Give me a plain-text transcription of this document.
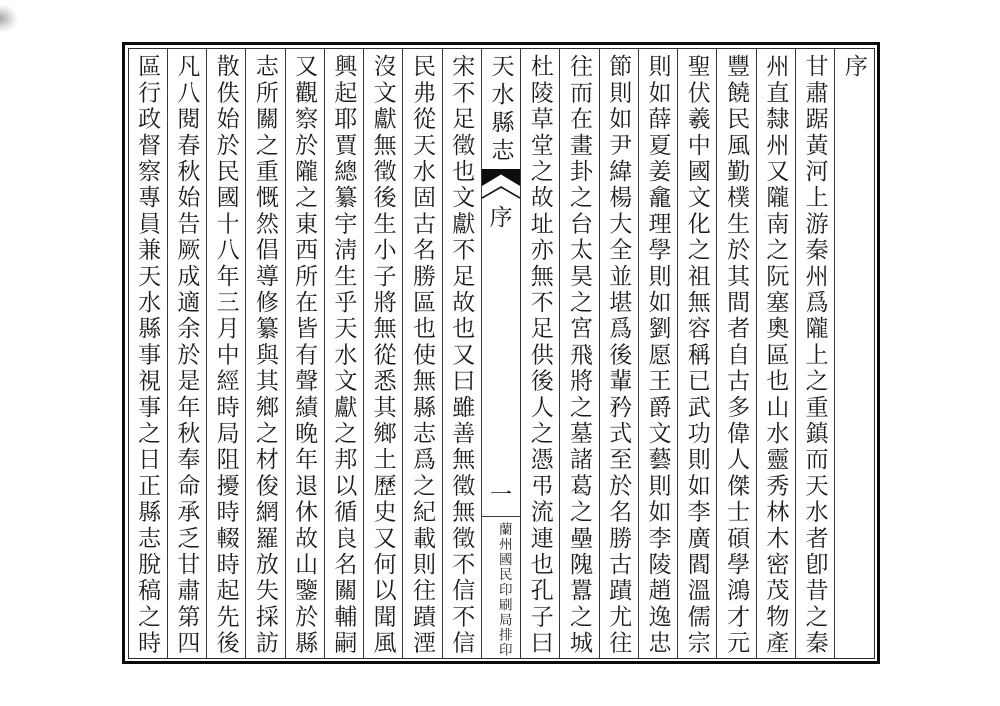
序
甘肅踞黃河上游秦州爲隴上之重鎮而天水者卽昔之秦
州直隸州又隴南之阮塞奧區也山水靈秀林木密茂物產
豐饒民風勤樸生於其間者自古多偉人傑士碩學鴻才元
聖伏羲中國文化之祖無容稱已武功則如李廣閻溫儒宗
則如薛夏姜龕理學則如劉愿王爵文藝則如李陵趙逸忠
節則如尹緯楊大全並堪爲後輩矜式至於名勝古蹟尤往
往而在畫卦之台太昊之宮飛將之墓諸葛之壘隗囂之城
杜陵草堂之故址亦無不足供後人之憑弔流連也孔子曰
天水縣志
序
一
蘭州國民印刷局排印
宋不足徵也文獻不足故也又曰雖善無徵無徵不信不信
民弗從天水固古名勝區也使無縣志爲之紀載則往蹟湮
沒文獻無徵後生小子將無從悉其鄉土歷史又何以聞風
興起耶賈總纂宇淸生乎天水文獻之邦以循良名關輔嗣
又觀察於隴之東西所在皆有聲績晚年退休故山鑒於縣
志所關之重慨然倡導修纂與其鄉之材俊網羅放失採訪
散佚始於民國十八年三月中經時局阻擾時輟時起先後
凡八閱春秋始告厥成適余於是年秋奉命承乏甘肅第四
區行政督察專員兼天水縣事視事之日正縣志脫稿之時
